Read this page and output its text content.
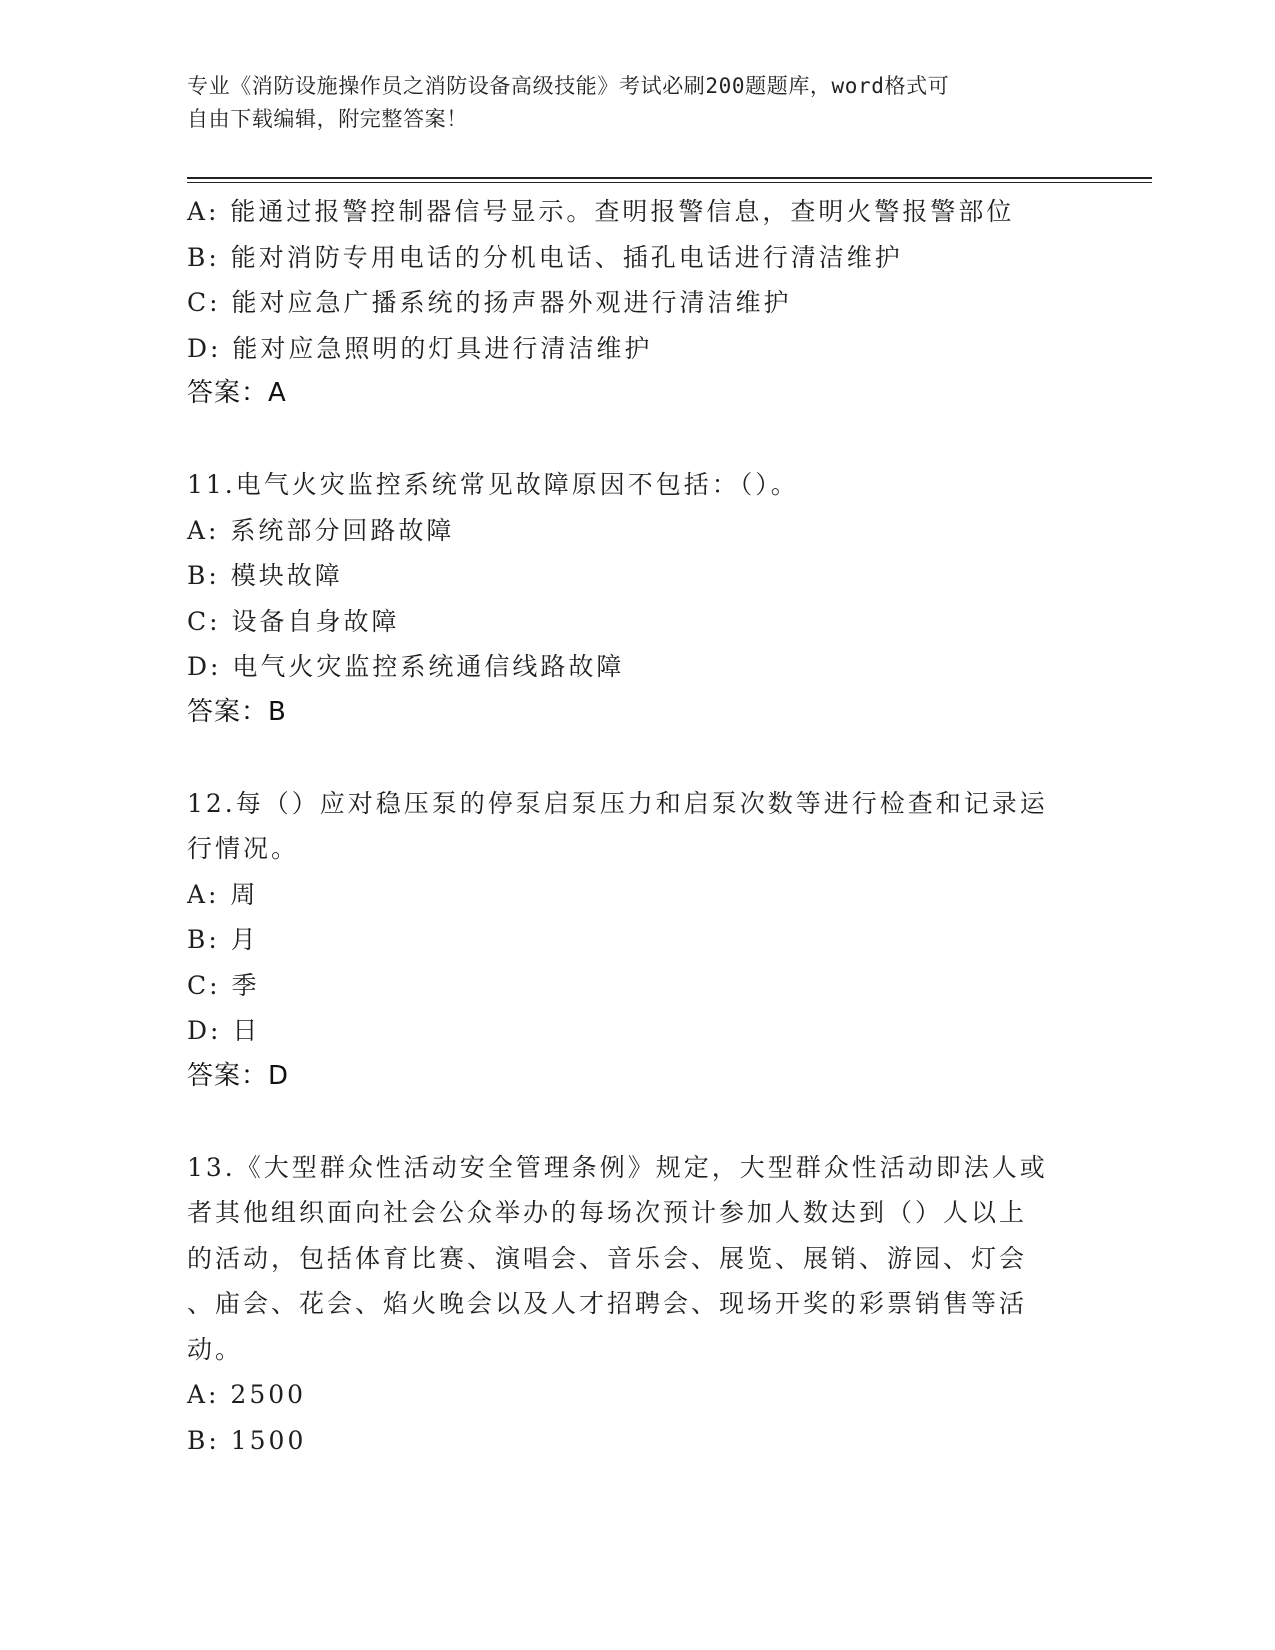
专业《消防设施操作员之消防设备高级技能》考试必刷200题题库，word格式可
自由下载编辑，附完整答案！
A: 能通过报警控制器信号显示。查明报警信息，查明火警报警部位
B: 能对消防专用电话的分机电话、插孔电话进行清洁维护
C: 能对应急广播系统的扬声器外观进行清洁维护
D: 能对应急照明的灯具进行清洁维护
答案：A
11.电气火灾监控系统常见故障原因不包括：（）。
A: 系统部分回路故障
B: 模块故障
C: 设备自身故障
D: 电气火灾监控系统通信线路故障
答案：B
12.每（）应对稳压泵的停泵启泵压力和启泵次数等进行检查和记录运
行情况。
A: 周
B: 月
C: 季
D: 日
答案：D
13.《大型群众性活动安全管理条例》规定，大型群众性活动即法人或
者其他组织面向社会公众举办的每场次预计参加人数达到（）人以上
的活动，包括体育比赛、演唱会、音乐会、展览、展销、游园、灯会
、庙会、花会、焰火晚会以及人才招聘会、现场开奖的彩票销售等活
动。
A: 2500
B: 1500
